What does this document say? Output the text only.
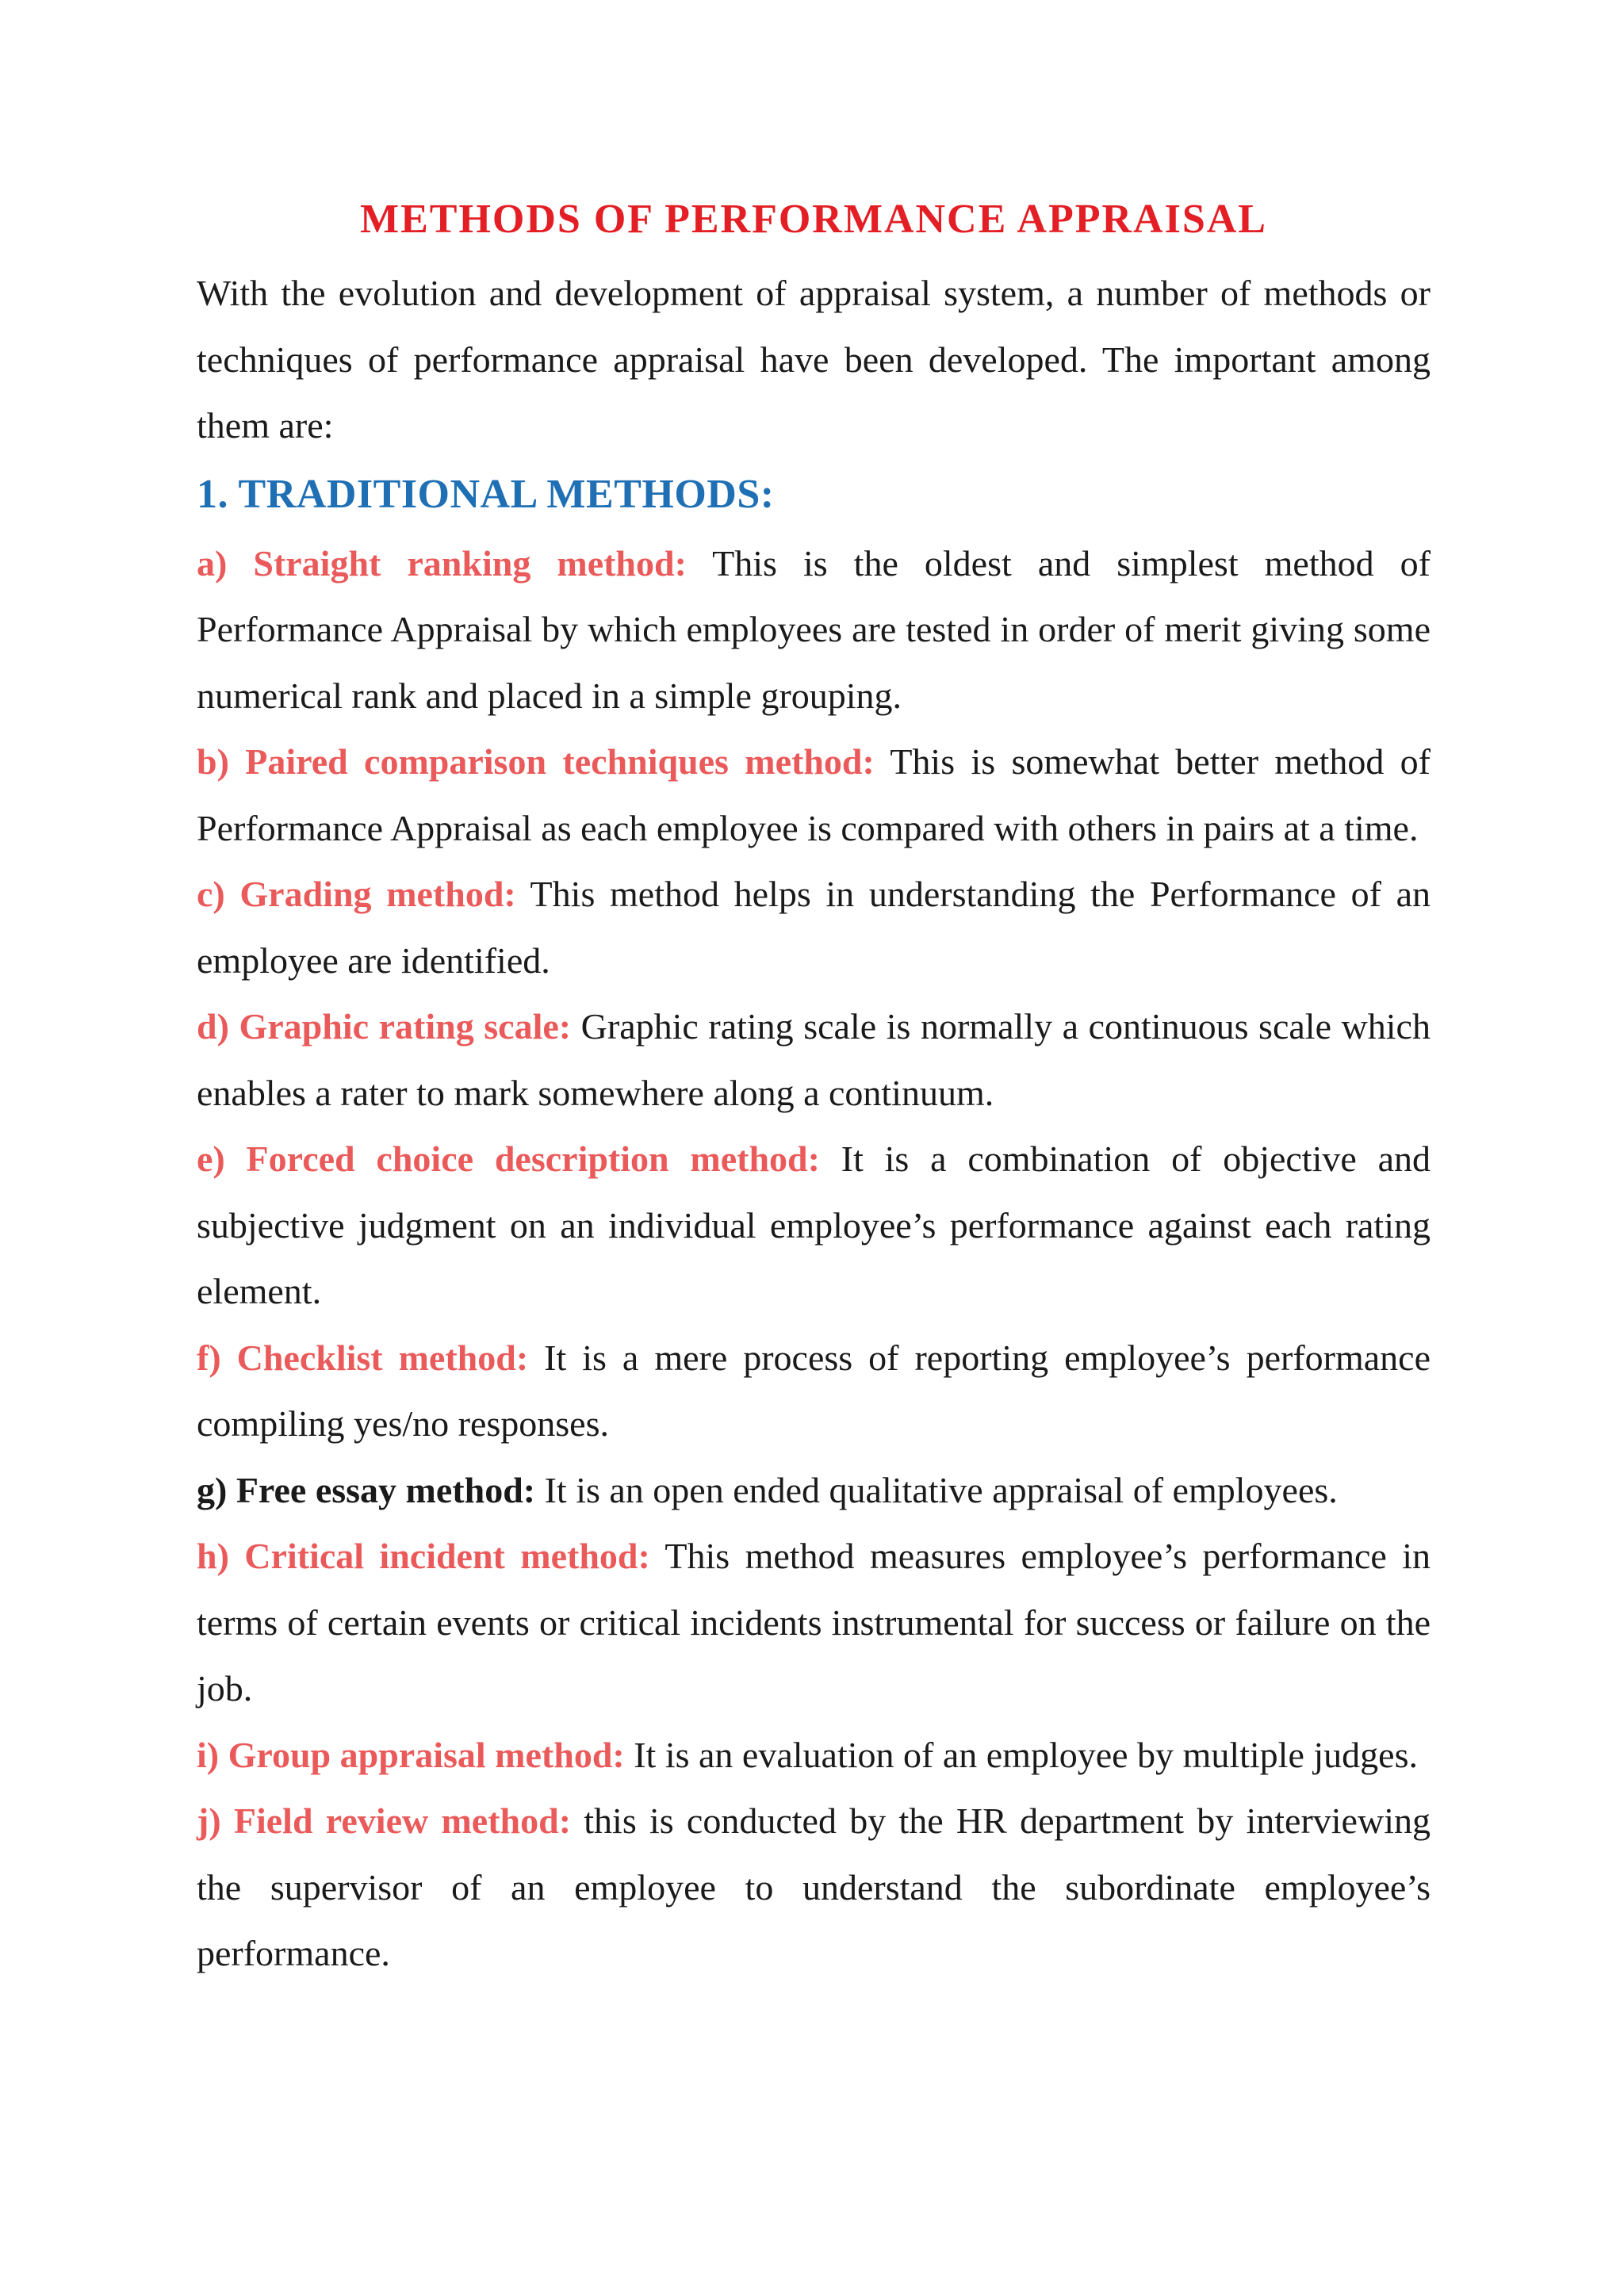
METHODS OF PERFORMANCE APPRAISAL

With the evolution and development of appraisal system, a number of methods or techniques of performance appraisal have been developed. The important among them are:

1. TRADITIONAL METHODS:

a) Straight ranking method: This is the oldest and simplest method of Performance Appraisal by which employees are tested in order of merit giving some numerical rank and placed in a simple grouping.

b) Paired comparison techniques method: This is somewhat better method of Performance Appraisal as each employee is compared with others in pairs at a time.

c) Grading method: This method helps in understanding the Performance of an employee are identified.

d) Graphic rating scale: Graphic rating scale is normally a continuous scale which enables a rater to mark somewhere along a continuum.

e) Forced choice description method: It is a combination of objective and subjective judgment on an individual employee’s performance against each rating element.

f) Checklist method: It is a mere process of reporting employee’s performance compiling yes/no responses.

g) Free essay method: It is an open ended qualitative appraisal of employees.

h) Critical incident method: This method measures employee’s performance in terms of certain events or critical incidents instrumental for success or failure on the job.

i) Group appraisal method: It is an evaluation of an employee by multiple judges.

j) Field review method: this is conducted by the HR department by interviewing the supervisor of an employee to understand the subordinate employee’s performance.
